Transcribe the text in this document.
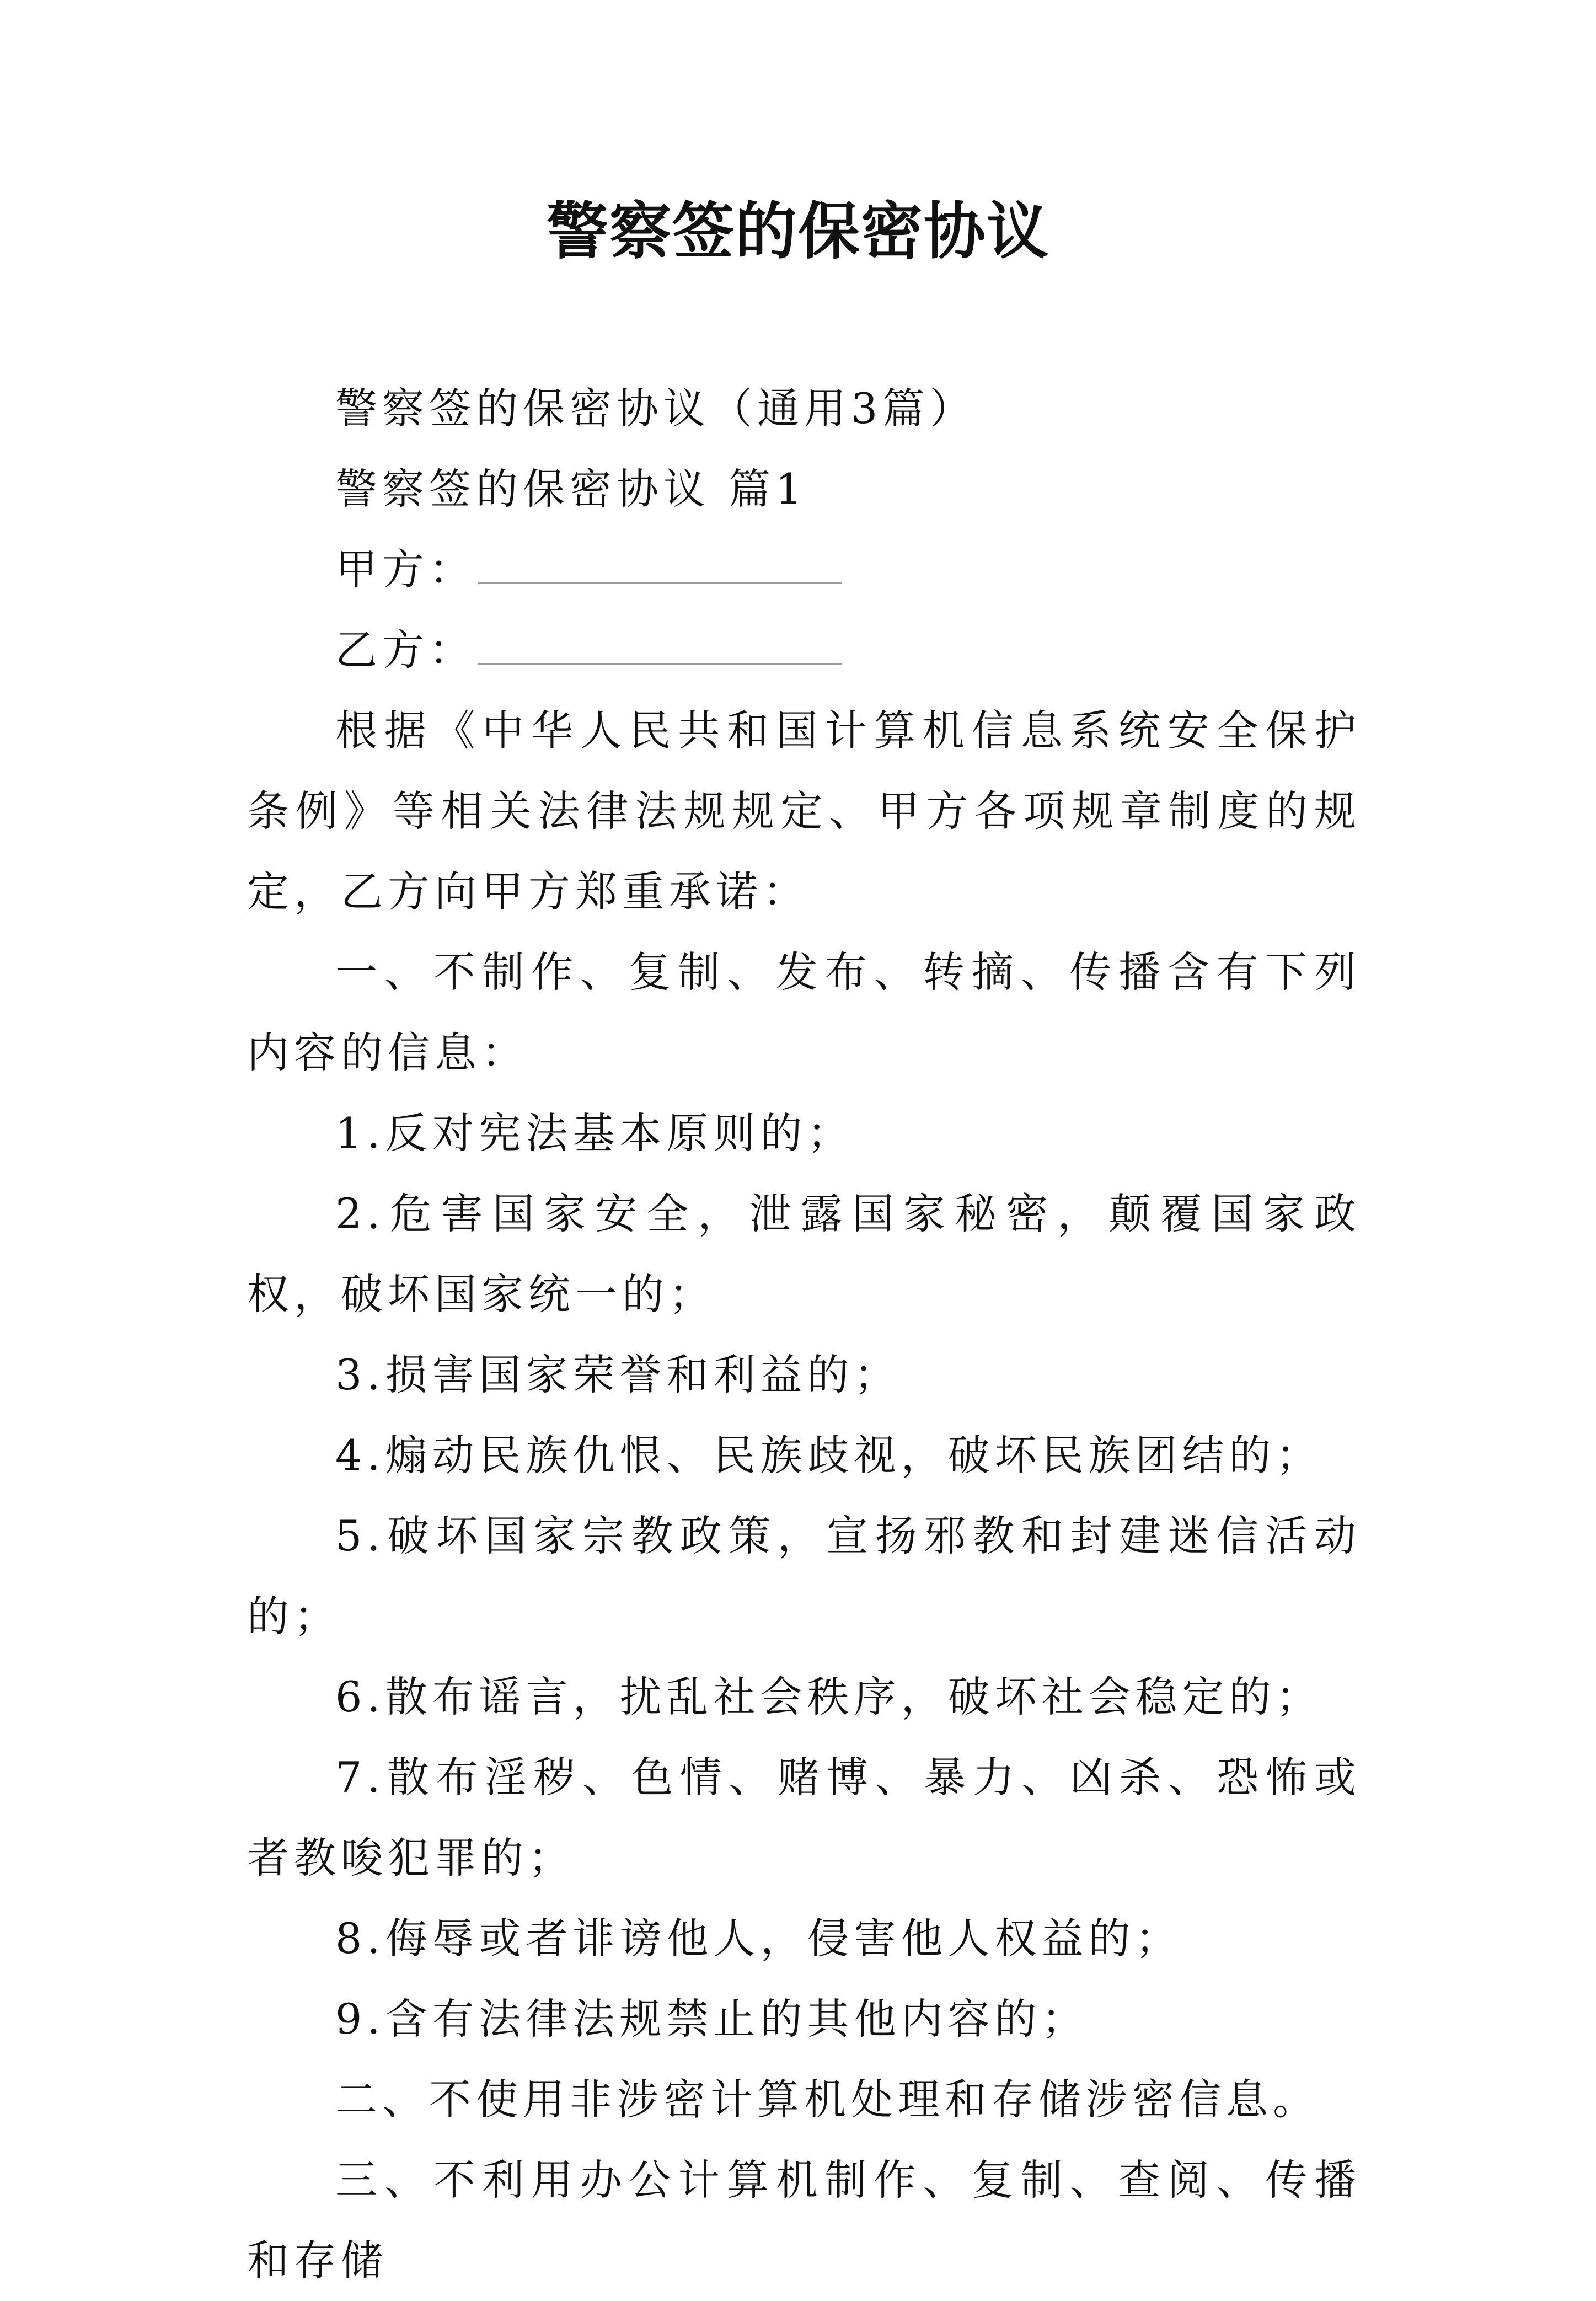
警察签的保密协议

警察签的保密协议（通用3篇）

警察签的保密协议 篇1

甲方：

乙方：

根据《中华人民共和国计算机信息系统安全保护条例》等相关法律法规规定、甲方各项规章制度的规定，乙方向甲方郑重承诺：

一、不制作、复制、发布、转摘、传播含有下列内容的信息：

1.反对宪法基本原则的；

2.危害国家安全，泄露国家秘密，颠覆国家政权，破坏国家统一的；

3.损害国家荣誉和利益的；

4.煽动民族仇恨、民族歧视，破坏民族团结的；

5.破坏国家宗教政策，宣扬邪教和封建迷信活动的；

6.散布谣言，扰乱社会秩序，破坏社会稳定的；

7.散布淫秽、色情、赌博、暴力、凶杀、恐怖或者教唆犯罪的；

8.侮辱或者诽谤他人，侵害他人权益的；

9.含有法律法规禁止的其他内容的；

二、不使用非涉密计算机处理和存储涉密信息。

三、不利用办公计算机制作、复制、查阅、传播和存储
